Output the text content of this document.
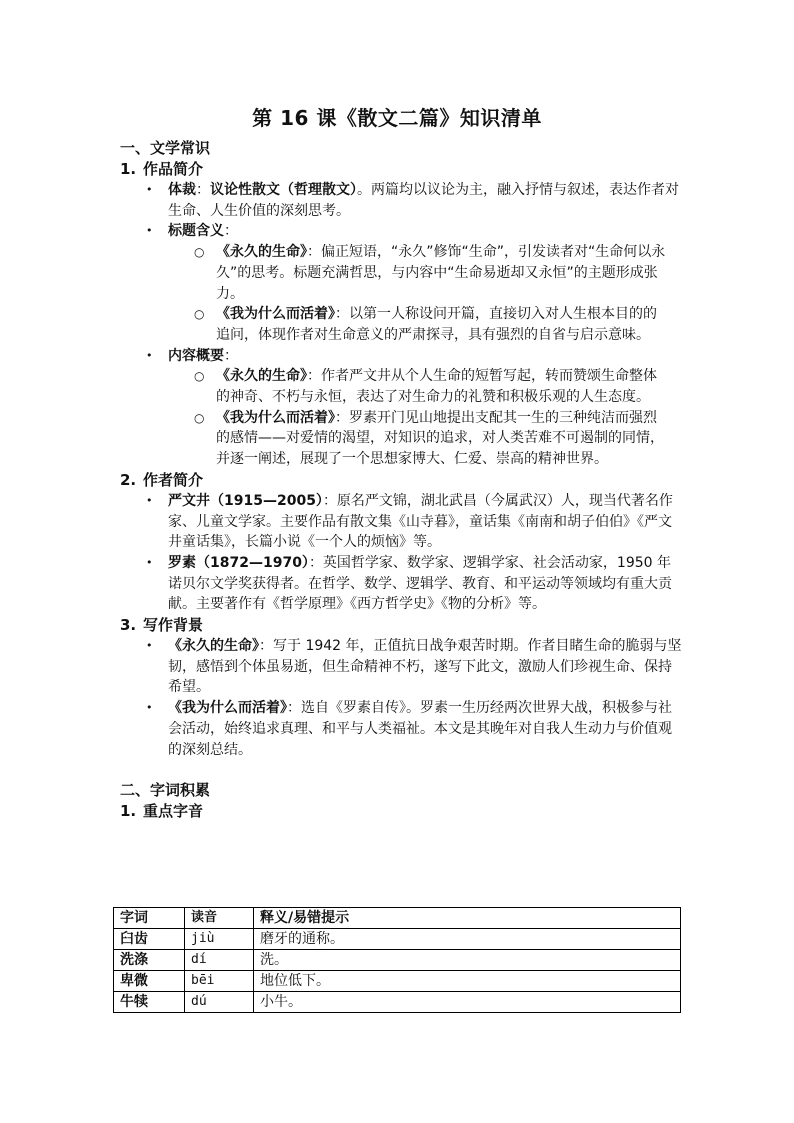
第 16 课《散文二篇》知识清单
一、文学常识
1. 作品简介
• 体裁：议论性散文（哲理散文）。两篇均以议论为主，融入抒情与叙述，表达作者对生命、人生价值的深刻思考。
• 标题含义：
○ 《永久的生命》：偏正短语，“永久”修饰“生命”，引发读者对“生命何以永久”的思考。标题充满哲思，与内容中“生命易逝却又永恒”的主题形成张力。
○ 《我为什么而活着》：以第一人称设问开篇，直接切入对人生根本目的的追问，体现作者对生命意义的严肃探寻，具有强烈的自省与启示意味。
• 内容概要：
○ 《永久的生命》：作者严文井从个人生命的短暂写起，转而赞颂生命整体的神奇、不朽与永恒，表达了对生命力的礼赞和积极乐观的人生态度。
○ 《我为什么而活着》：罗素开门见山地提出支配其一生的三种纯洁而强烈的感情——对爱情的渴望，对知识的追求，对人类苦难不可遏制的同情，并逐一阐述，展现了一个思想家博大、仁爱、崇高的精神世界。
2. 作者简介
• 严文井（1915—2005）：原名严文锦，湖北武昌（今属武汉）人，现当代著名作家、儿童文学家。主要作品有散文集《山寺暮》，童话集《南南和胡子伯伯》《严文井童话集》，长篇小说《一个人的烦恼》等。
• 罗素（1872—1970）：英国哲学家、数学家、逻辑学家、社会活动家，1950 年诺贝尔文学奖获得者。在哲学、数学、逻辑学、教育、和平运动等领域均有重大贡献。主要著作有《哲学原理》《西方哲学史》《物的分析》等。
3. 写作背景
• 《永久的生命》：写于 1942 年，正值抗日战争艰苦时期。作者目睹生命的脆弱与坚韧，感悟到个体虽易逝，但生命精神不朽，遂写下此文，激励人们珍视生命、保持希望。
• 《我为什么而活着》：选自《罗素自传》。罗素一生历经两次世界大战，积极参与社会活动，始终追求真理、和平与人类福祉。本文是其晚年对自我人生动力与价值观的深刻总结。
二、字词积累
1. 重点字音
字词	读音	释义/易错提示
臼齿	jiù	磨牙的通称。
洗涤	dí	洗。
卑微	bēi	地位低下。
牛犊	dú	小牛。
